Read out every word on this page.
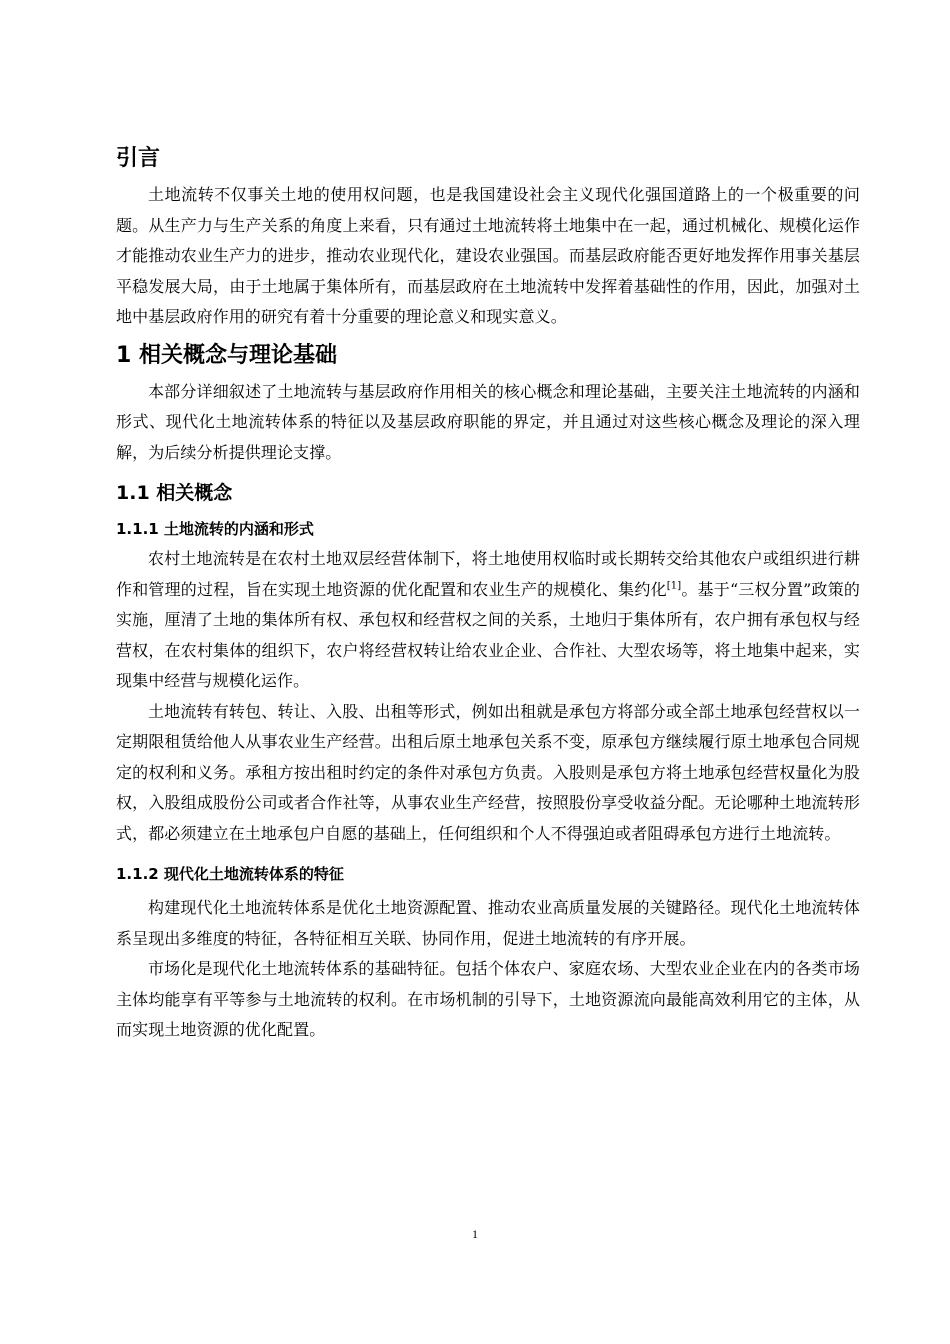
引言

土地流转不仅事关土地的使用权问题，也是我国建设社会主义现代化强国道路上的一个极重要的问题。从生产力与生产关系的角度上来看，只有通过土地流转将土地集中在一起，通过机械化、规模化运作才能推动农业生产力的进步，推动农业现代化，建设农业强国。而基层政府能否更好地发挥作用事关基层平稳发展大局，由于土地属于集体所有，而基层政府在土地流转中发挥着基础性的作用，因此，加强对土地中基层政府作用的研究有着十分重要的理论意义和现实意义。

1 相关概念与理论基础

本部分详细叙述了土地流转与基层政府作用相关的核心概念和理论基础，主要关注土地流转的内涵和形式、现代化土地流转体系的特征以及基层政府职能的界定，并且通过对这些核心概念及理论的深入理解，为后续分析提供理论支撑。

1.1 相关概念
1.1.1 土地流转的内涵和形式

农村土地流转是在农村土地双层经营体制下，将土地使用权临时或长期转交给其他农户或组织进行耕作和管理的过程，旨在实现土地资源的优化配置和农业生产的规模化、集约化[1]。基于“三权分置”政策的实施，厘清了土地的集体所有权、承包权和经营权之间的关系，土地归于集体所有，农户拥有承包权与经营权，在农村集体的组织下，农户将经营权转让给农业企业、合作社、大型农场等，将土地集中起来，实现集中经营与规模化运作。

土地流转有转包、转让、入股、出租等形式，例如出租就是承包方将部分或全部土地承包经营权以一定期限租赁给他人从事农业生产经营。出租后原土地承包关系不变，原承包方继续履行原土地承包合同规定的权利和义务。承租方按出租时约定的条件对承包方负责。入股则是承包方将土地承包经营权量化为股权，入股组成股份公司或者合作社等，从事农业生产经营，按照股份享受收益分配。无论哪种土地流转形式，都必须建立在土地承包户自愿的基础上，任何组织和个人不得强迫或者阻碍承包方进行土地流转。

1.1.2 现代化土地流转体系的特征

构建现代化土地流转体系是优化土地资源配置、推动农业高质量发展的关键路径。现代化土地流转体系呈现出多维度的特征，各特征相互关联、协同作用，促进土地流转的有序开展。

市场化是现代化土地流转体系的基础特征。包括个体农户、家庭农场、大型农业企业在内的各类市场主体均能享有平等参与土地流转的权利。在市场机制的引导下，土地资源流向最能高效利用它的主体，从而实现土地资源的优化配置。

1
